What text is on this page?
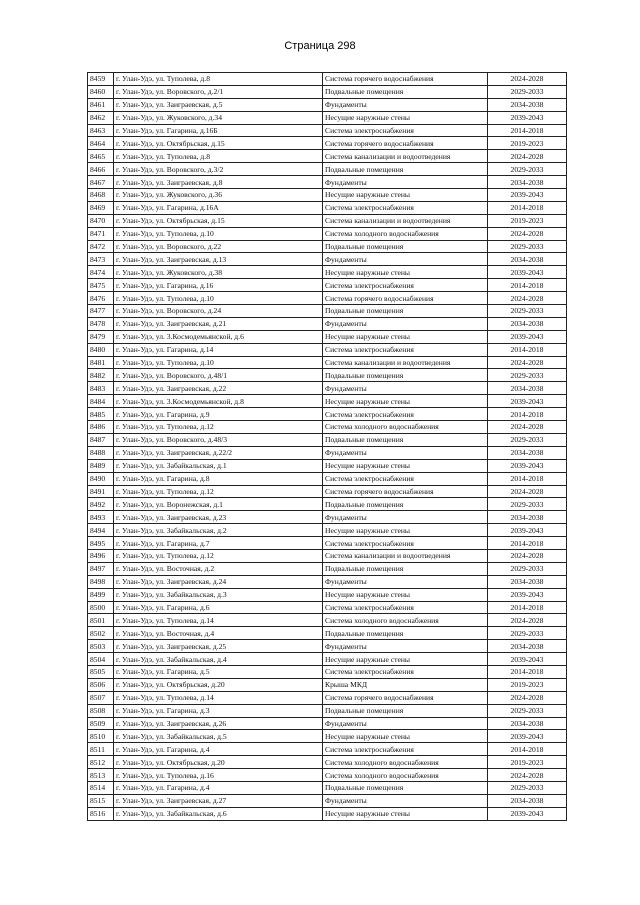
Страница 298
8459	г. Улан-Удэ, ул. Туполева, д.8	Система горячего водоснабжения	2024-2028
8460	г. Улан-Удэ, ул. Воровского, д.2/1	Подвальные помещения	2029-2033
8461	г. Улан-Удэ, ул. Заиграевская, д.5	Фундаменты	2034-2038
8462	г. Улан-Удэ, ул. Жуковского, д.34	Несущие наружные стены	2039-2043
8463	г. Улан-Удэ, ул. Гагарина, д.16Б	Система электроснабжения	2014-2018
8464	г. Улан-Удэ, ул. Октябрьская, д.15	Система горячего водоснабжения	2019-2023
8465	г. Улан-Удэ, ул. Туполева, д.8	Система канализации и водоотведения	2024-2028
8466	г. Улан-Удэ, ул. Воровского, д.3/2	Подвальные помещения	2029-2033
8467	г. Улан-Удэ, ул. Заиграевская, д.8	Фундаменты	2034-2038
8468	г. Улан-Удэ, ул. Жуковского, д.36	Несущие наружные стены	2039-2043
8469	г. Улан-Удэ, ул. Гагарина, д.16А	Система электроснабжения	2014-2018
8470	г. Улан-Удэ, ул. Октябрьская, д.15	Система канализации и водоотведения	2019-2023
8471	г. Улан-Удэ, ул. Туполева, д.10	Система холодного водоснабжения	2024-2028
8472	г. Улан-Удэ, ул. Воровского, д.22	Подвальные помещения	2029-2033
8473	г. Улан-Удэ, ул. Заиграевская, д.13	Фундаменты	2034-2038
8474	г. Улан-Удэ, ул. Жуковского, д.38	Несущие наружные стены	2039-2043
8475	г. Улан-Удэ, ул. Гагарина, д.16	Система электроснабжения	2014-2018
8476	г. Улан-Удэ, ул. Туполева, д.10	Система горячего водоснабжения	2024-2028
8477	г. Улан-Удэ, ул. Воровского, д.24	Подвальные помещения	2029-2033
8478	г. Улан-Удэ, ул. Заиграевская, д.21	Фундаменты	2034-2038
8479	г. Улан-Удэ, ул. 3.Космодемьянской, д.6	Несущие наружные стены	2039-2043
8480	г. Улан-Удэ, ул. Гагарина, д.14	Система электроснабжения	2014-2018
8481	г. Улан-Удэ, ул. Туполева, д.10	Система канализации и водоотведения	2024-2028
8482	г. Улан-Удэ, ул. Воровского, д.48/1	Подвальные помещения	2029-2033
8483	г. Улан-Удэ, ул. Заиграевская, д.22	Фундаменты	2034-2038
8484	г. Улан-Удэ, ул. 3.Космодемьянской, д.8	Несущие наружные стены	2039-2043
8485	г. Улан-Удэ, ул. Гагарина, д.9	Система электроснабжения	2014-2018
8486	г. Улан-Удэ, ул. Туполева, д.12	Система холодного водоснабжения	2024-2028
8487	г. Улан-Удэ, ул. Воровского, д.48/3	Подвальные помещения	2029-2033
8488	г. Улан-Удэ, ул. Заиграевская, д.22/2	Фундаменты	2034-2038
8489	г. Улан-Удэ, ул. Забайкальская, д.1	Несущие наружные стены	2039-2043
8490	г. Улан-Удэ, ул. Гагарина, д.8	Система электроснабжения	2014-2018
8491	г. Улан-Удэ, ул. Туполева, д.12	Система горячего водоснабжения	2024-2028
8492	г. Улан-Удэ, ул. Воронежская, д.1	Подвальные помещения	2029-2033
8493	г. Улан-Удэ, ул. Заиграевская, д.23	Фундаменты	2034-2038
8494	г. Улан-Удэ, ул. Забайкальская, д.2	Несущие наружные стены	2039-2043
8495	г. Улан-Удэ, ул. Гагарина, д.7	Система электроснабжения	2014-2018
8496	г. Улан-Удэ, ул. Туполева, д.12	Система канализации и водоотведения	2024-2028
8497	г. Улан-Удэ, ул. Восточная, д.2	Подвальные помещения	2029-2033
8498	г. Улан-Удэ, ул. Заиграевская, д.24	Фундаменты	2034-2038
8499	г. Улан-Удэ, ул. Забайкальская, д.3	Несущие наружные стены	2039-2043
8500	г. Улан-Удэ, ул. Гагарина, д.6	Система электроснабжения	2014-2018
8501	г. Улан-Удэ, ул. Туполева, д.14	Система холодного водоснабжения	2024-2028
8502	г. Улан-Удэ, ул. Восточная, д.4	Подвальные помещения	2029-2033
8503	г. Улан-Удэ, ул. Заиграевская, д.25	Фундаменты	2034-2038
8504	г. Улан-Удэ, ул. Забайкальская, д.4	Несущие наружные стены	2039-2043
8505	г. Улан-Удэ, ул. Гагарина, д.5	Система электроснабжения	2014-2018
8506	г. Улан-Удэ, ул. Октябрьская, д.20	Крыша МКД	2019-2023
8507	г. Улан-Удэ, ул. Туполева, д.14	Система горячего водоснабжения	2024-2028
8508	г. Улан-Удэ, ул. Гагарина, д.3	Подвальные помещения	2029-2033
8509	г. Улан-Удэ, ул. Заиграевская, д.26	Фундаменты	2034-2038
8510	г. Улан-Удэ, ул. Забайкальская, д.5	Несущие наружные стены	2039-2043
8511	г. Улан-Удэ, ул. Гагарина, д.4	Система электроснабжения	2014-2018
8512	г. Улан-Удэ, ул. Октябрьская, д.20	Система холодного водоснабжения	2019-2023
8513	г. Улан-Удэ, ул. Туполева, д.16	Система холодного водоснабжения	2024-2028
8514	г. Улан-Удэ, ул. Гагарина, д.4	Подвальные помещения	2029-2033
8515	г. Улан-Удэ, ул. Заиграевская, д.27	Фундаменты	2034-2038
8516	г. Улан-Удэ, ул. Забайкальская, д.6	Несущие наружные стены	2039-2043
